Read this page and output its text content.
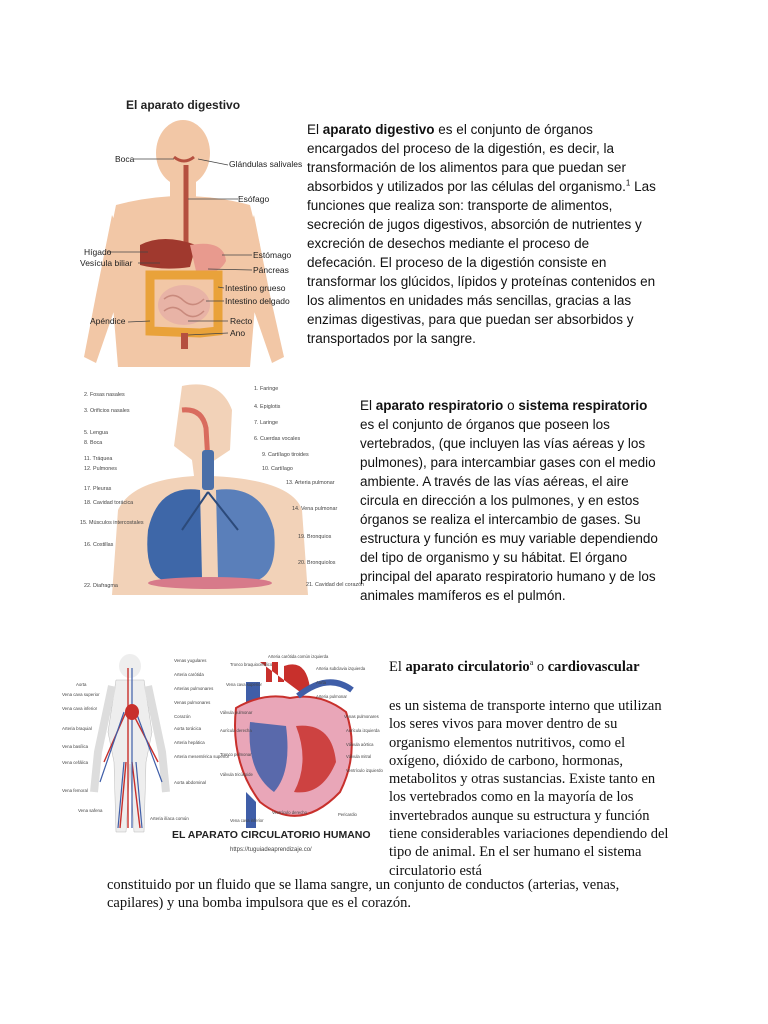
El aparato digestivo
Boca	Glándulas salivales
Esófago
Hígado
Vesícula biliar
Estómago
Páncreas
Intestino grueso
Intestino delgado
Apéndice	Recto
Ano

El aparato digestivo es el conjunto de órganos encargados del proceso de la digestión, es decir, la transformación de los alimentos para que puedan ser absorbidos y utilizados por las células del organismo.$^1$ Las funciones que realiza son: transporte de alimentos, secreción de jugos digestivos, absorción de nutrientes y excreción de desechos mediante el proceso de defecación. El proceso de la digestión consiste en transformar los glúcidos, lípidos y proteínas contenidos en los alimentos en unidades más sencillas, gracias a las enzimas digestivas, para que puedan ser absorbidos y transportados por la sangre.

2. Fosas nasales
3. Orificios nasales
5. Lengua
8. Boca
11. Tráquea
12. Pulmones
17. Pleuras
18. Cavidad torácica
15. Músculos intercostales
16. Costillas
22. Diafragma
1. Faringe
4. Epiglotis
7. Laringe
6. Cuerdas vocales
9. Cartílago tiroides
10. Cartílago
13. Arteria pulmonar
14. Vena pulmonar
19. Bronquios
20. Bronquiolos
21. Cavidad del corazón

El aparato respiratorio o sistema respiratorio es el conjunto de órganos que poseen los vertebrados, (que incluyen las vías aéreas y los pulmones), para intercambiar gases con el medio ambiente. A través de las vías aéreas, el aire circula en dirección a los pulmones, y en estos órganos se realiza el intercambio de gases. Su estructura y función es muy variable dependiendo del tipo de organismo y su hábitat. El órgano principal del aparato respiratorio humano y de los animales mamíferos es el pulmón.

Aorta
Vena cava superior
Vena cava inferior
Arteria braquial
Vena basílica
Vena cefálica
Vena femoral
Vena safena
Venas yugulares
Arteria carótida
Arterias pulmonares
Venas pulmonares
Corazón
Aorta torácica
Arteria hepática
Arteria mesentérica superior
Aorta abdominal
Arteria ilíaca común
Tronco braquiocefálico
Arteria carótida común izquierda
Arteria subclavia izquierda
Aorta
Vena cava superior
Arteria pulmonar
Venas pulmonares
Válvula pulmonar
Aurícula derecha
Válvula tricúspide
Vena cava inferior
Aurícula izquierda
Válvula aórtica
Válvula mitral
Ventrículo izquierdo
Ventrículo derecho	Pericardio
Tronco pulmonar
EL APARATO CIRCULATORIO HUMANO
https://tuguiadeaprendizaje.co/

El aparato circulatorio$^a$ o cardiovascular

es un sistema de transporte interno que utilizan los seres vivos para mover dentro de su organismo elementos nutritivos, como el oxígeno, dióxido de carbono, hormonas, metabolitos y otras sustancias. Existe tanto en los vertebrados como en la mayoría de los invertebrados aunque su estructura y función tiene considerables variaciones dependiendo del tipo de animal. En el ser humano el sistema circulatorio está

constituido por un fluido que se llama sangre, un conjunto de conductos (arterias, venas, capilares) y una bomba impulsora que es el corazón.
